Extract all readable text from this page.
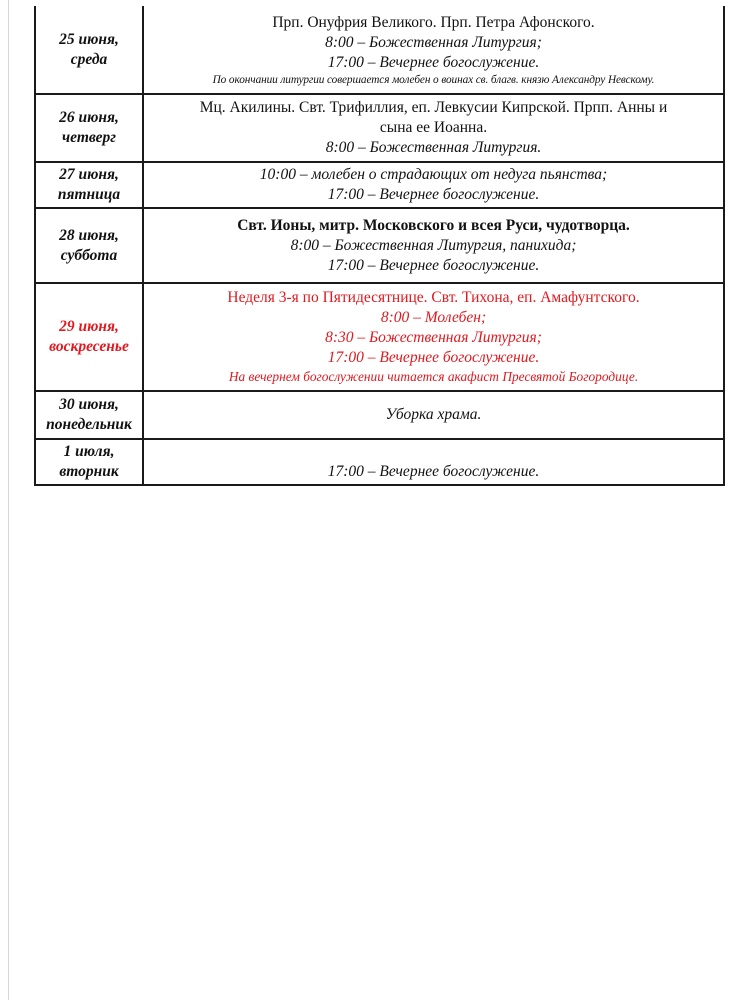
25 июня,
среда	Прп. Онуфрия Великого. Прп. Петра Афонского.
8:00 – Божественная Литургия;
17:00 – Вечернее богослужение.
По окончании литургии совершается молебен о воинах св. благв. князю Александру Невскому.

26 июня,
четверг	Мц. Акилины. Свт. Трифиллия, еп. Левкусии Кипрской. Прпп. Анны и сына ее Иоанна.
8:00 – Божественная Литургия.

27 июня,
пятница	10:00 – молебен о страдающих от недуга пьянства;
17:00 – Вечернее богослужение.

28 июня,
суббота	Свт. Ионы, митр. Московского и всея Руси, чудотворца.
8:00 – Божественная Литургия, панихида;
17:00 – Вечернее богослужение.

29 июня,
воскресенье	Неделя 3-я по Пятидесятнице. Свт. Тихона, еп. Амафунтского.
8:00 – Молебен;
8:30 – Божественная Литургия;
17:00 – Вечернее богослужение.
На вечернем богослужении читается акафист Пресвятой Богородице.

30 июня,
понедельник	Уборка храма.

1 июля,
вторник	17:00 – Вечернее богослужение.
